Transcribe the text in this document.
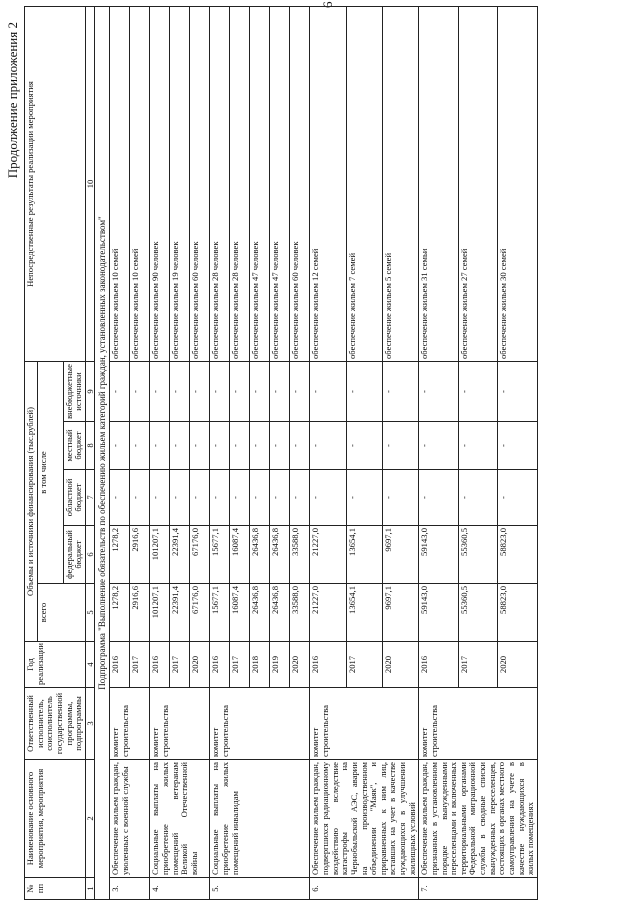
6
Продолжение приложения 2
№ пп	Наименование основного мероприятия, мероприятия	Ответственный исполнитель, соисполнитель государственной программы, подпрограммы	Год реализации	Объемы и источники финансирования (тыс.рублей)					Непосредственные результаты реализации мероприятия
				всего	в том числе				
					федеральный бюджет	областной бюджет	местный бюджет	внебюджетные источники	
1	2	3	4	5	6	7	8	9	10
Подпрограмма "Выполнение обязательств по обеспечению жильем категорий граждан, установленных законодательством"									
3.	Обеспечение жильем граждан, уволенных с военной службы	комитет строительства	2016	1278,2	1278,2	-	-	-	обеспечение жильем 10 семей
			2017	2916,6	2916,6	-	-	-	обеспечение жильем 10 семей
4.	Социальные выплаты на приобретение жилых помещений ветеранам Великой Отечественной войны	комитет строительства	2016	101207,1	101207,1	-	-	-	обеспечение жильем 90 человек
			2017	22391,4	22391,4	-	-	-	обеспечение жильем 19 человек
			2020	67176,0	67176,0	-	-	-	обеспечение жильем 60 человек
5.	Социальные выплаты на приобретение жилых помещений инвалидам	комитет строительства	2016	15677,1	15677,1	-	-	-	обеспечение жильем 28 человек
			2017	16087,4	16087,4	-	-	-	обеспечение жильем 28 человек
			2018	26436,8	26436,8	-	-	-	обеспечение жильем 47 человек
			2019	26436,8	26436,8	-	-	-	обеспечение жильем 47 человек
			2020	33588,0	33588,0	-	-	-	обеспечение жильем 60 человек
6.	Обеспечение жильем граждан, подвергшихся радиационному воздействию вследствие катастрофы на Чернобыльской АЭС, аварии на производственном объединении "Маяк", и приравненных к ним лиц, вставших на учет в качестве нуждающихся в улучшении жилищных условий	комитет строительства	2016	21227,0	21227,0	-	-	-	обеспечение жильем 12 семей
			2017	13654,1	13654,1	-	-	-	обеспечение жильем 7 семей
			2020	9697,1	9697,1	-	-	-	обеспечение жильем 5 семей
7.	Обеспечение жильем граждан, признанных в установленном порядке вынужденными переселенцами и включенных территориальными органами Федеральной миграционной службы в сводные списки вынужденных переселенцев, состоящих в органах местного самоуправления на учете в качестве нуждающихся в жилых помещениях	комитет строительства	2016	59143,0	59143,0	-	-	-	обеспечение жильем 31 семьи
			2017	55360,5	55360,5	-	-	-	обеспечение жильем 27 семей
			2020	58823,0	58823,0	-	-	-	обеспечение жильем 30 семей
